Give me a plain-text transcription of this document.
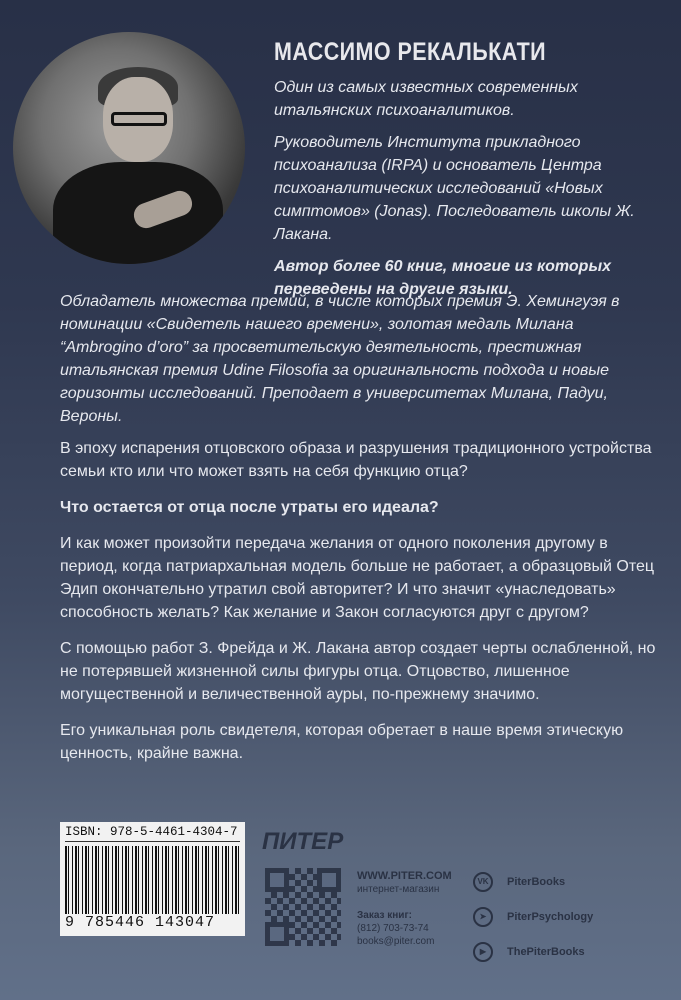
МАССИМО РЕКАЛЬКАТИ

Один из самых известных современных итальянских психоаналитиков.

Руководитель Института прикладного психоанализа (IRPA) и основатель Центра психоаналитических исследований «Новых симптомов» (Jonas). Последователь школы Ж. Лакана.

Автор более 60 книг, многие из которых переведены на другие языки.

Обладатель множества премий, в числе которых премия Э. Хемингуэя в номинации «Свидетель нашего времени», золотая медаль Милана “Ambrogino d’oro” за просветительскую деятельность, престижная итальянская премия Udine Filosofia за оригинальность подхода и новые горизонты исследований. Преподает в университетах Милана, Падуи, Вероны.

В эпоху испарения отцовского образа и разрушения традиционного устройства семьи кто или что может взять на себя функцию отца?

Что остается от отца после утраты его идеала?

И как может произойти передача желания от одного поколения другому в период, когда патриархальная модель больше не работает, а образцовый Отец Эдип окончательно утратил свой авторитет? И что значит «унаследовать» способность желать? Как желание и Закон согласуются друг с другом?

С помощью работ З. Фрейда и Ж. Лакана автор создает черты ослабленной, но не потерявшей жизненной силы фигуры отца. Отцовство, лишенное могущественной и величественной ауры, по-прежнему значимо.

Его уникальная роль свидетеля, которая обретает в наше время этическую ценность, крайне важна.

ISBN: 978-5-4461-4304-7
9 785446 143047
ПИТЕР
WWW.PITER.COM
интернет-магазин
Заказ книг:
(812) 703-73-74
books@piter.com
VK	PiterBooks
➤	PiterPsychology
▶	ThePiterBooks
